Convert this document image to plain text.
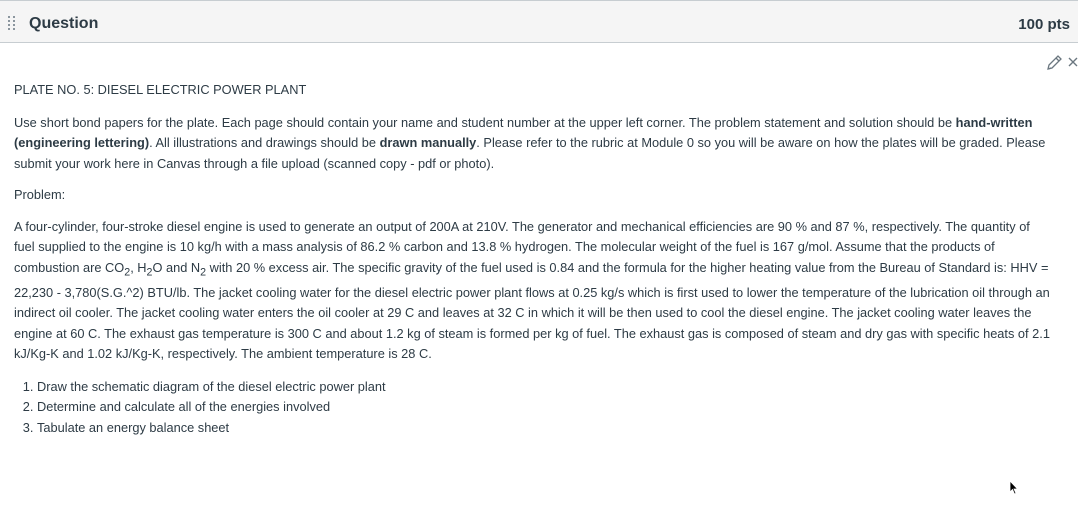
Question	100 pts

PLATE NO. 5: DIESEL ELECTRIC POWER PLANT

Use short bond papers for the plate. Each page should contain your name and student number at the upper left corner. The problem statement and solution should be hand-written (engineering lettering). All illustrations and drawings should be drawn manually. Please refer to the rubric at Module 0 so you will be aware on how the plates will be graded. Please submit your work here in Canvas through a file upload (scanned copy - pdf or photo).

Problem:

A four-cylinder, four-stroke diesel engine is used to generate an output of 200A at 210V. The generator and mechanical efficiencies are 90 % and 87 %, respectively. The quantity of fuel supplied to the engine is 10 kg/h with a mass analysis of 86.2 % carbon and 13.8 % hydrogen. The molecular weight of the fuel is 167 g/mol. Assume that the products of combustion are $CO_2$, $H_2O$ and $N_2$ with 20 % excess air. The specific gravity of the fuel used is 0.84 and the formula for the higher heating value from the Bureau of Standard is: HHV = 22,230 - 3,780(S.G.^2) BTU/lb. The jacket cooling water for the diesel electric power plant flows at 0.25 kg/s which is first used to lower the temperature of the lubrication oil through an indirect oil cooler. The jacket cooling water enters the oil cooler at 29 C and leaves at 32 C in which it will be then used to cool the diesel engine. The jacket cooling water leaves the engine at 60 C. The exhaust gas temperature is 300 C and about 1.2 kg of steam is formed per kg of fuel. The exhaust gas is composed of steam and dry gas with specific heats of 2.1 kJ/Kg-K and 1.02 kJ/Kg-K, respectively. The ambient temperature is 28 C.

1. Draw the schematic diagram of the diesel electric power plant
2. Determine and calculate all of the energies involved
3. Tabulate an energy balance sheet
